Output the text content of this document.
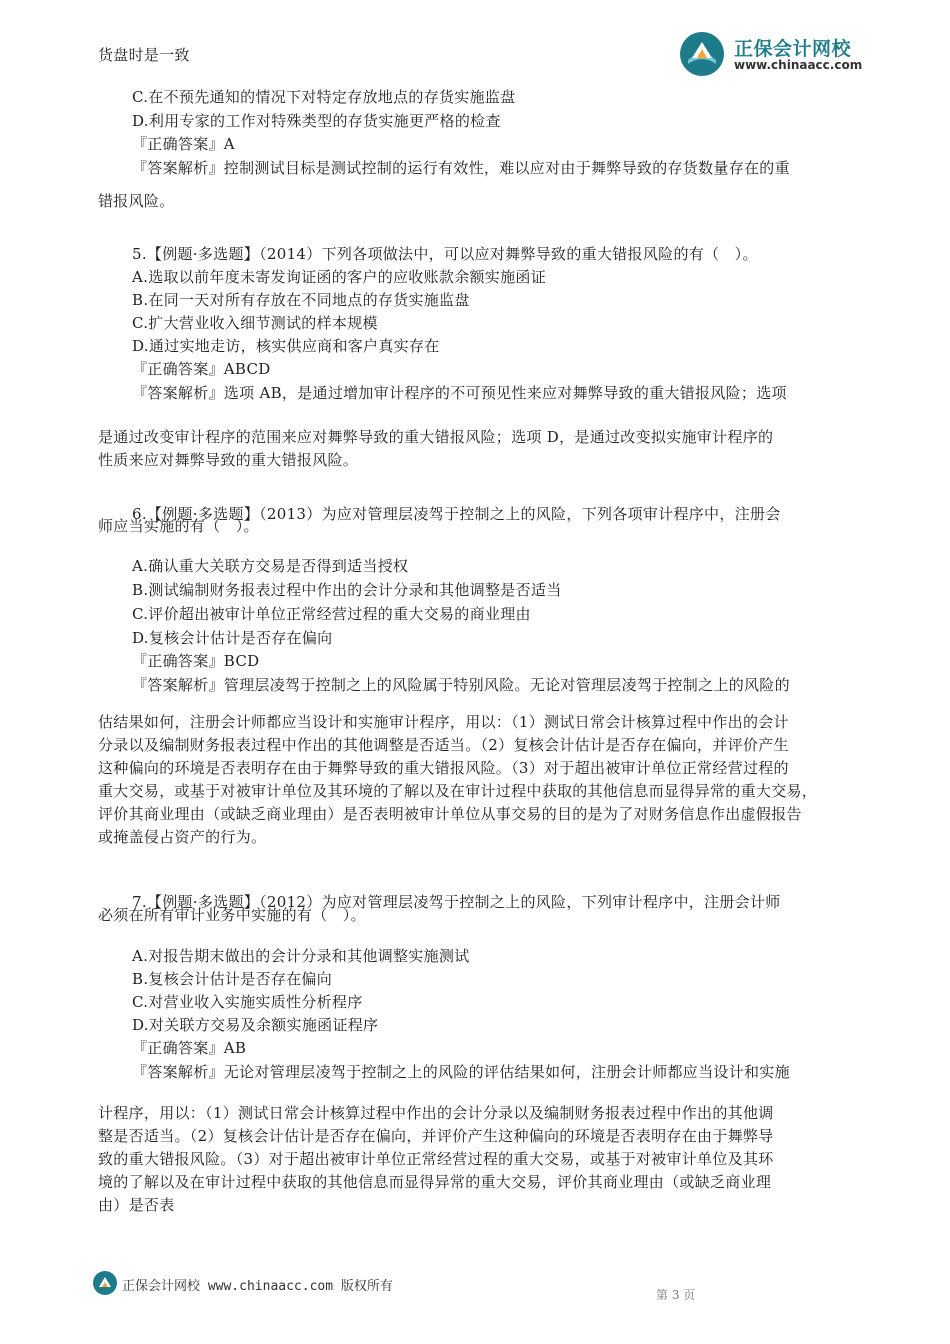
正保会计网校
www.chinaacc.com
货盘时是一致

C.在不预先通知的情况下对特定存放地点的存货实施监盘

D.利用专家的工作对特殊类型的存货实施更严格的检查

『正确答案』A

『答案解析』控制测试目标是测试控制的运行有效性，难以应对由于舞弊导致的存货数量存在的重

错报风险。

5.【例题·多选题】（2014）下列各项做法中，可以应对舞弊导致的重大错报风险的有（　）。

A.选取以前年度未寄发询证函的客户的应收账款余额实施函证

B.在同一天对所有存放在不同地点的存货实施监盘

C.扩大营业收入细节测试的样本规模

D.通过实地走访，核实供应商和客户真实存在

『正确答案』ABCD

『答案解析』选项 AB，是通过增加审计程序的不可预见性来应对舞弊导致的重大错报风险；选项

是通过改变审计程序的范围来应对舞弊导致的重大错报风险；选项 D，是通过改变拟实施审计程序的

性质来应对舞弊导致的重大错报风险。

6.【例题·多选题】（2013）为应对管理层凌驾于控制之上的风险，下列各项审计程序中，注册会
师应当实施的有（　）。

A.确认重大关联方交易是否得到适当授权

B.测试编制财务报表过程中作出的会计分录和其他调整是否适当

C.评价超出被审计单位正常经营过程的重大交易的商业理由

D.复核会计估计是否存在偏向

『正确答案』BCD

『答案解析』管理层凌驾于控制之上的风险属于特别风险。无论对管理层凌驾于控制之上的风险的

估结果如何，注册会计师都应当设计和实施审计程序，用以：（1）测试日常会计核算过程中作出的会计

分录以及编制财务报表过程中作出的其他调整是否适当。（2）复核会计估计是否存在偏向，并评价产生

这种偏向的环境是否表明存在由于舞弊导致的重大错报风险。（3）对于超出被审计单位正常经营过程的

重大交易，或基于对被审计单位及其环境的了解以及在审计过程中获取的其他信息而显得异常的重大交易，

评价其商业理由（或缺乏商业理由）是否表明被审计单位从事交易的目的是为了对财务信息作出虚假报告

或掩盖侵占资产的行为。

7.【例题·多选题】（2012）为应对管理层凌驾于控制之上的风险，下列审计程序中，注册会计师
必须在所有审计业务中实施的有（　）。

A.对报告期末做出的会计分录和其他调整实施测试

B.复核会计估计是否存在偏向

C.对营业收入实施实质性分析程序

D.对关联方交易及余额实施函证程序

『正确答案』AB

『答案解析』无论对管理层凌驾于控制之上的风险的评估结果如何，注册会计师都应当设计和实施

计程序，用以：（1）测试日常会计核算过程中作出的会计分录以及编制财务报表过程中作出的其他调

整是否适当。（2）复核会计估计是否存在偏向，并评价产生这种偏向的环境是否表明存在由于舞弊导

致的重大错报风险。（3）对于超出被审计单位正常经营过程的重大交易，或基于对被审计单位及其环

境的了解以及在审计过程中获取的其他信息而显得异常的重大交易，评价其商业理由（或缺乏商业理

由）是否表

正保会计网校 www.chinaacc.com 版权所有
第 3 页
